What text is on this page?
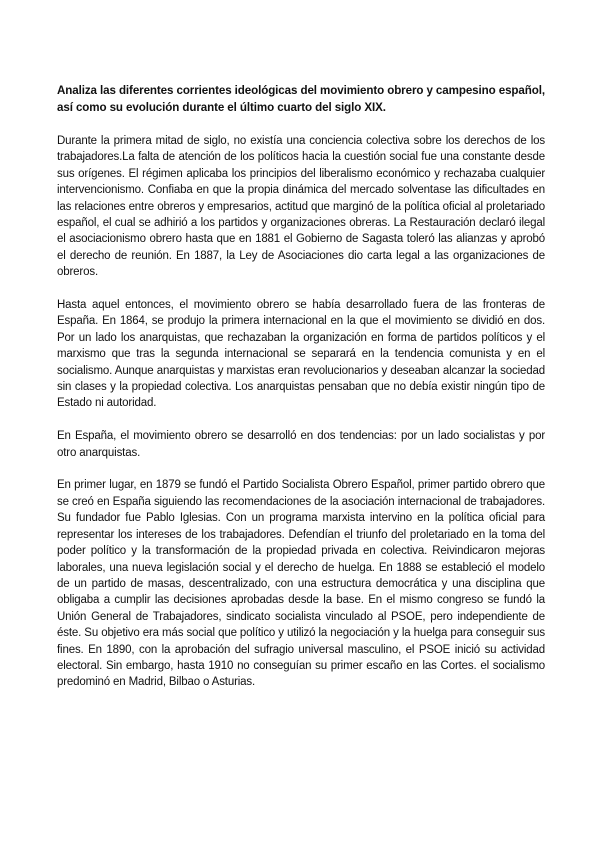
Analiza las diferentes corrientes ideológicas del movimiento obrero y campesino español, así como su evolución durante el último cuarto del siglo XIX.

Durante la primera mitad de siglo, no existía una conciencia colectiva sobre los derechos de los trabajadores.La falta de atención de los políticos hacia la cuestión social fue una constante desde sus orígenes. El régimen aplicaba los principios del liberalismo económico y rechazaba cualquier intervencionismo. Confiaba en que la propia dinámica del mercado solventase las dificultades en las relaciones entre obreros y empresarios, actitud que marginó de la política oficial al proletariado español, el cual se adhirió a los partidos y organizaciones obreras. La Restauración declaró ilegal el asociacionismo obrero hasta que en 1881 el Gobierno de Sagasta toleró las alianzas y aprobó el derecho de reunión. En 1887, la Ley de Asociaciones dio carta legal a las organizaciones de obreros.

Hasta aquel entonces, el movimiento obrero se había desarrollado fuera de las fronteras de España. En 1864, se produjo la primera internacional en la que el movimiento se dividió en dos. Por un lado los anarquistas, que rechazaban la organización en forma de partidos políticos y el marxismo que tras la segunda internacional se separará en la tendencia comunista y en el socialismo. Aunque anarquistas y marxistas eran revolucionarios y deseaban alcanzar la sociedad sin clases y la propiedad colectiva. Los anarquistas pensaban que no debía existir ningún tipo de Estado ni autoridad.

En España, el movimiento obrero se desarrolló en dos tendencias: por un lado socialistas y por otro anarquistas.

En primer lugar, en 1879 se fundó el Partido Socialista Obrero Español, primer partido obrero que se creó en España siguiendo las recomendaciones de la asociación internacional de trabajadores. Su fundador fue Pablo Iglesias. Con un programa marxista intervino en la política oficial para representar los intereses de los trabajadores. Defendían el triunfo del proletariado en la toma del poder político y la transformación de la propiedad privada en colectiva. Reivindicaron mejoras laborales, una nueva legislación social y el derecho de huelga. En 1888 se estableció el modelo de un partido de masas, descentralizado, con una estructura democrática y una disciplina que obligaba a cumplir las decisiones aprobadas desde la base. En el mismo congreso se fundó la Unión General de Trabajadores, sindicato socialista vinculado al PSOE, pero independiente de éste. Su objetivo era más social que político y utilizó la negociación y la huelga para conseguir sus fines. En 1890, con la aprobación del sufragio universal masculino, el PSOE inició su actividad electoral. Sin embargo, hasta 1910 no conseguían su primer escaño en las Cortes. el socialismo predominó en Madrid, Bilbao o Asturias.
